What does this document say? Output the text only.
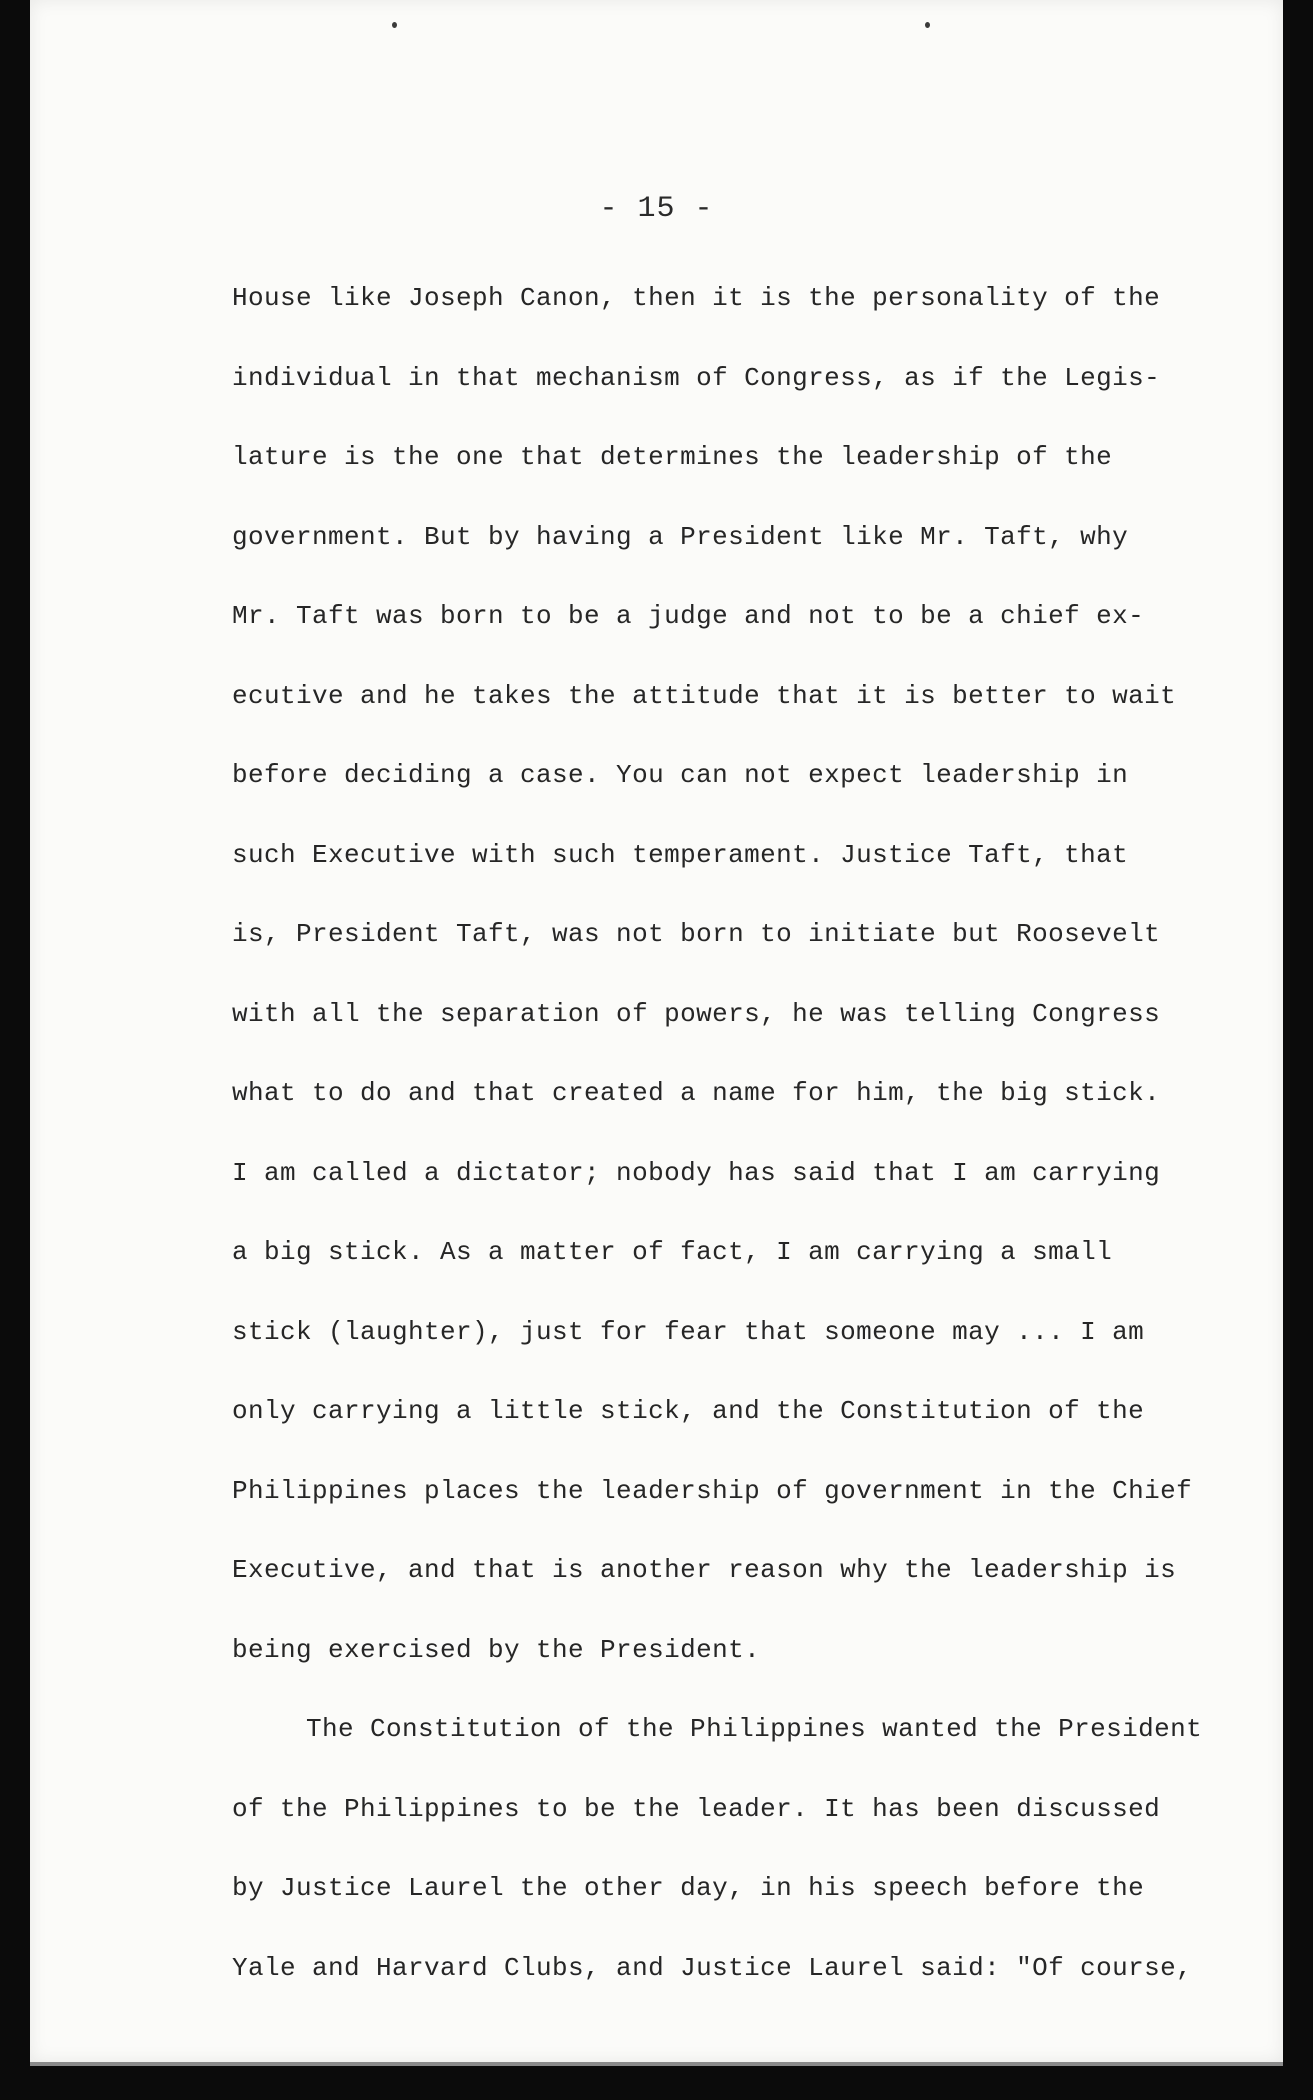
- 15 -
House like Joseph Canon, then it is the personality of the
individual in that mechanism of Congress, as if the Legis-
lature is the one that determines the leadership of the
government. But by having a President like Mr. Taft, why
Mr. Taft was born to be a judge and not to be a chief ex-
ecutive and he takes the attitude that it is better to wait
before deciding a case. You can not expect leadership in
such Executive with such temperament. Justice Taft, that
is, President Taft, was not born to initiate but Roosevelt
with all the separation of powers, he was telling Congress
what to do and that created a name for him, the big stick.
I am called a dictator; nobody has said that I am carrying
a big stick. As a matter of fact, I am carrying a small
stick (laughter), just for fear that someone may ... I am
only carrying a little stick, and the Constitution of the
Philippines places the leadership of government in the Chief
Executive, and that is another reason why the leadership is
being exercised by the President.
The Constitution of the Philippines wanted the President
of the Philippines to be the leader. It has been discussed
by Justice Laurel the other day, in his speech before the
Yale and Harvard Clubs, and Justice Laurel said: "Of course,
